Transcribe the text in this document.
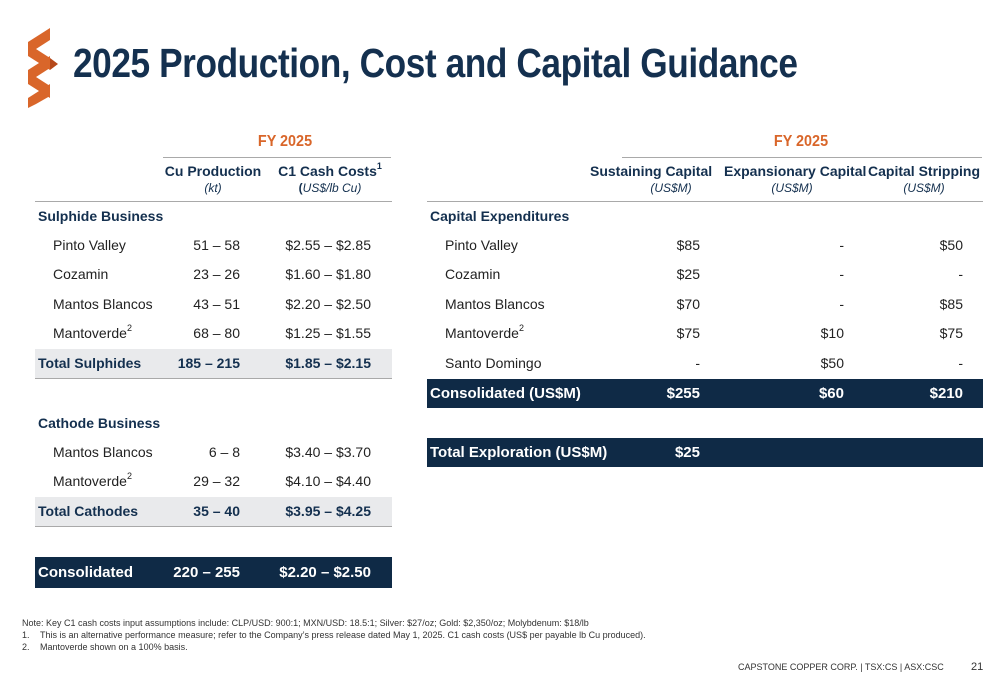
2025 Production, Cost and Capital Guidance
FY 2025
Cu Production
(kt)
C1 Cash Costs$^1$
(US$/lb Cu)
Sulphide Business
Pinto Valley	51 – 58	$2.55 – $2.85
Cozamin	23 – 26	$1.60 – $1.80
Mantos Blancos	43 – 51	$2.20 – $2.50
Mantoverde$^2$	68 – 80	$1.25 – $1.55
Total Sulphides	185 – 215	$1.85 – $2.15
Cathode Business
Mantos Blancos	6 – 8	$3.40 – $3.70
Mantoverde$^2$	29 – 32	$4.10 – $4.40
Total Cathodes	35 – 40	$3.95 – $4.25
Consolidated	220 – 255	$2.20 – $2.50
FY 2025
Sustaining Capital
(US$M)
Expansionary Capital
(US$M)
Capital Stripping
(US$M)
Capital Expenditures
Pinto Valley	$85	-	$50
Cozamin	$25	-	-
Mantos Blancos	$70	-	$85
Mantoverde$^2$	$75	$10	$75
Santo Domingo	-	$50	-
Consolidated (US$M)	$255	$60	$210
Total Exploration (US$M)	$25
Note: Key C1 cash costs input assumptions include: CLP/USD: 900:1; MXN/USD: 18.5:1; Silver: $27/oz; Gold: $2,350/oz; Molybdenum: $18/lb
1. This is an alternative performance measure; refer to the Company’s press release dated May 1, 2025. C1 cash costs (US$ per payable lb Cu produced).
2. Mantoverde shown on a 100% basis.
CAPSTONE COPPER CORP. | TSX:CS | ASX:CSC 21
